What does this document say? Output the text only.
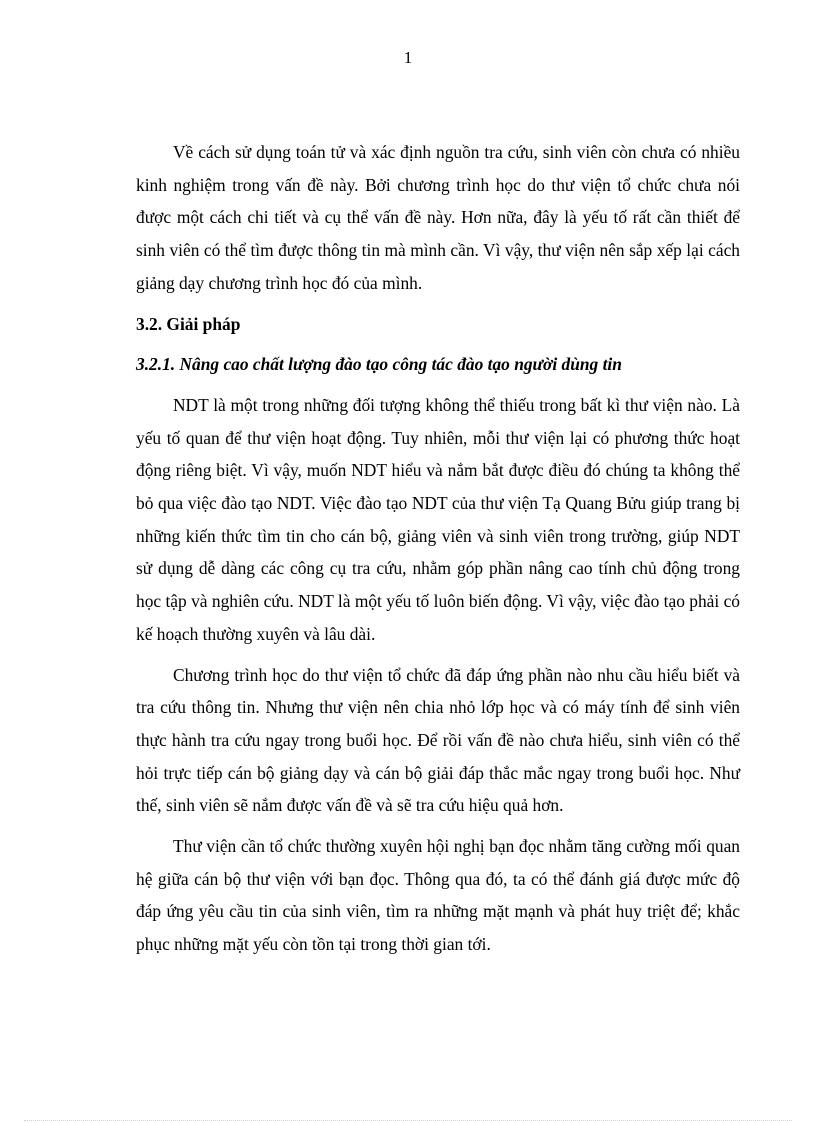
1

Về cách sử dụng toán tử và xác định nguồn tra cứu, sinh viên còn chưa có nhiều kinh nghiệm trong vấn đề này. Bởi chương trình học do thư viện tổ chức chưa nói được một cách chi tiết và cụ thể vấn đề này. Hơn nữa, đây là yếu tố rất cần thiết để sinh viên có thể tìm được thông tin mà mình cần. Vì vậy, thư viện nên sắp xếp lại cách giảng dạy chương trình học đó của mình.

3.2. Giải pháp

3.2.1. Nâng cao chất lượng đào tạo công tác đào tạo người dùng tin

NDT là một trong những đối tượng không thể thiếu trong bất kì thư viện nào. Là yếu tố quan để thư viện hoạt động. Tuy nhiên, mỗi thư viện lại có phương thức hoạt động riêng biệt. Vì vậy, muốn NDT hiểu và nắm bắt được điều đó chúng ta không thể bỏ qua việc đào tạo NDT. Việc đào tạo NDT của thư viện Tạ Quang Bửu giúp trang bị những kiến thức tìm tin cho cán bộ, giảng viên và sinh viên trong trường, giúp NDT sử dụng dễ dàng các công cụ tra cứu, nhằm góp phần nâng cao tính chủ động trong học tập và nghiên cứu. NDT là một yếu tố luôn biến động. Vì vậy, việc đào tạo phải có kế hoạch thường xuyên và lâu dài.

Chương trình học do thư viện tổ chức đã đáp ứng phần nào nhu cầu hiểu biết và tra cứu thông tin. Nhưng thư viện nên chia nhỏ lớp học và có máy tính để sinh viên thực hành tra cứu ngay trong buổi học. Để rồi vấn đề nào chưa hiểu, sinh viên có thể hỏi trực tiếp cán bộ giảng dạy và cán bộ giải đáp thắc mắc ngay trong buổi học. Như thế, sinh viên sẽ nắm được vấn đề và sẽ tra cứu hiệu quả hơn.

Thư viện cần tổ chức thường xuyên hội nghị bạn đọc nhằm tăng cường mối quan hệ giữa cán bộ thư viện với bạn đọc. Thông qua đó, ta có thể đánh giá được mức độ đáp ứng yêu cầu tin của sinh viên, tìm ra những mặt mạnh và phát huy triệt để; khắc phục những mặt yếu còn tồn tại trong thời gian tới.
